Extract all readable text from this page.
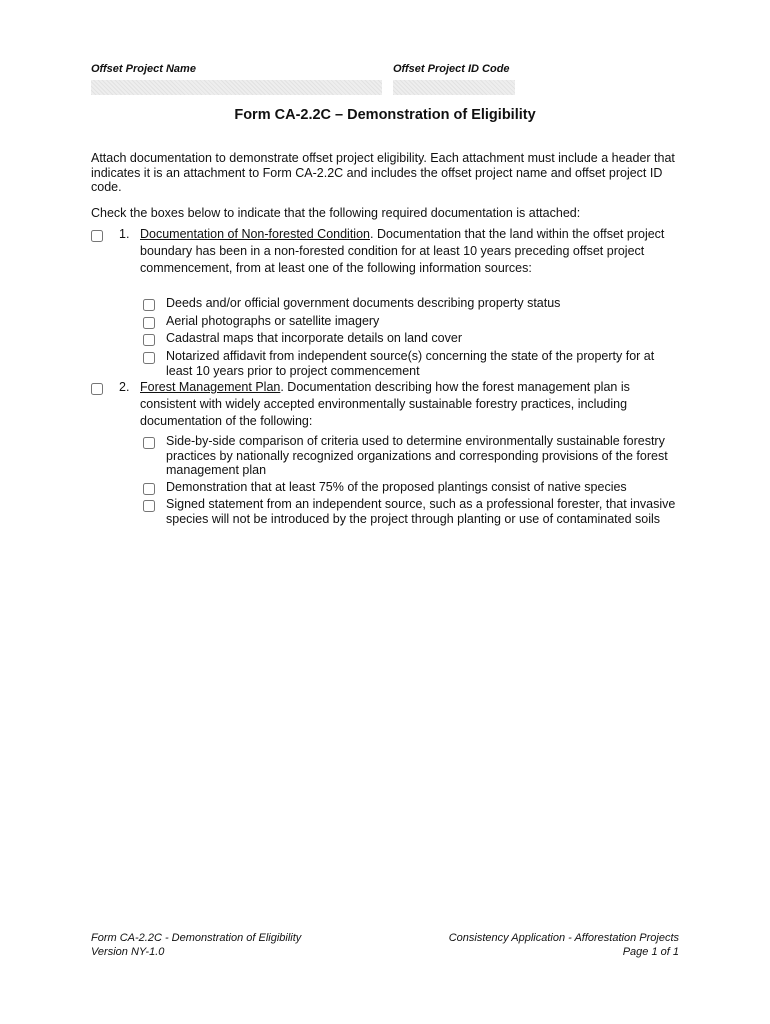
Offset Project Name	Offset Project ID Code
Form CA-2.2C – Demonstration of Eligibility

Attach documentation to demonstrate offset project eligibility. Each attachment must include a header that indicates it is an attachment to Form CA-2.2C and includes the offset project name and offset project ID code.

Check the boxes below to indicate that the following required documentation is attached:

1. Documentation of Non-forested Condition. Documentation that the land within the offset project boundary has been in a non-forested condition for at least 10 years preceding offset project commencement, from at least one of the following information sources:

Deeds and/or official government documents describing property status

Aerial photographs or satellite imagery

Cadastral maps that incorporate details on land cover

Notarized affidavit from independent source(s) concerning the state of the property for at least 10 years prior to project commencement

2. Forest Management Plan. Documentation describing how the forest management plan is consistent with widely accepted environmentally sustainable forestry practices, including documentation of the following:

Side-by-side comparison of criteria used to determine environmentally sustainable forestry practices by nationally recognized organizations and corresponding provisions of the forest management plan

Demonstration that at least 75% of the proposed plantings consist of native species

Signed statement from an independent source, such as a professional forester, that invasive species will not be introduced by the project through planting or use of contaminated soils

Form CA-2.2C - Demonstration of Eligibility
Version NY-1.0
Consistency Application - Afforestation Projects
Page 1 of 1
